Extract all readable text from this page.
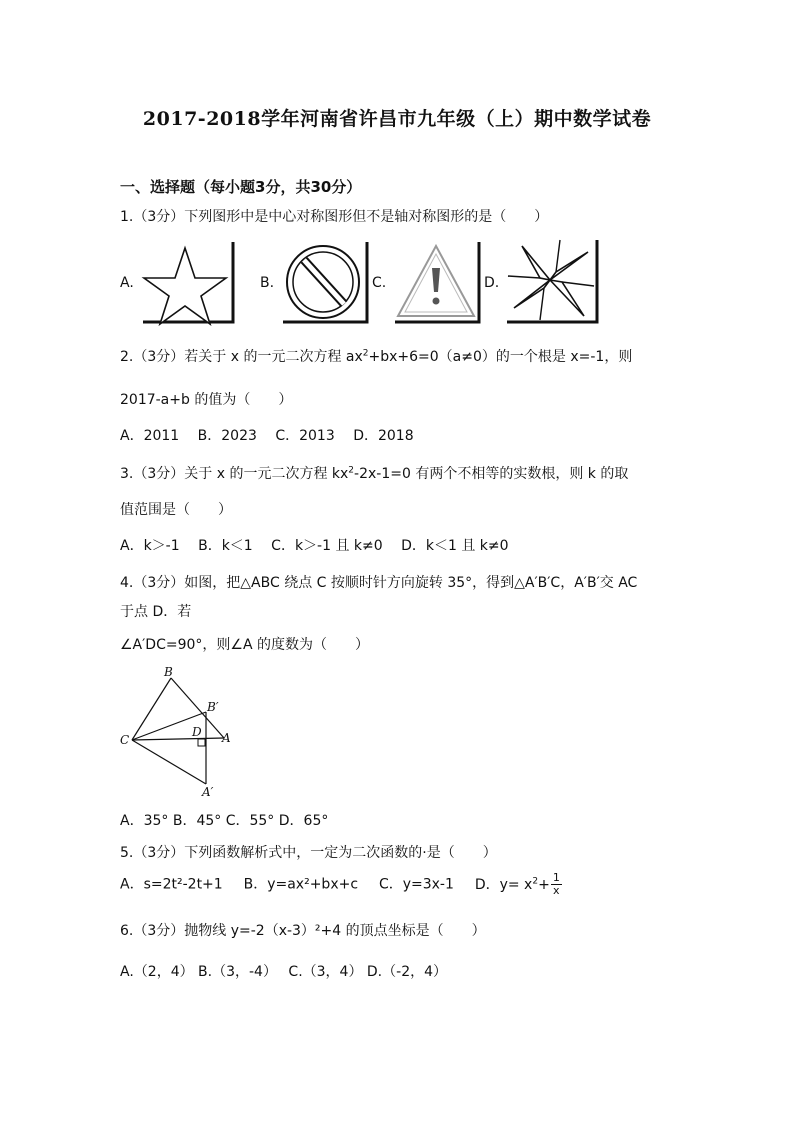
2017-2018学年河南省许昌市九年级（上）期中数学试卷
一、选择题（每小题3分，共30分）
1.（3分）下列图形中是中心对称图形但不是轴对称图形的是（　　）
A.	B.	C.	D.
2.（3分）若关于 x 的一元二次方程 $ax^2+bx+6=0(a\ne 0)$的一个根是 x=-1，则
2017-a+b 的值为（　　）
A．2011　 B．2023　 C．2013　 D．2018
3.（3分）关于 x 的一元二次方程 $kx^2-2x-1=0$ 有两个不相等的实数根，则 k 的取
值范围是（　　）
A．k＞-1　 B．k＜1　 C．k＞-1 且 k≠0　 D．k＜1 且 k≠0
4.（3分）如图，把△ABC 绕点 C 按顺时针方向旋转 35°，得到△A′B′C，A′B′交 AC
于点 D．若
∠A′DC=90°，则∠A 的度数为（　　）
B
B′
C
D A
A′
A．35° B．45° C．55° D．65°
5.（3分）下列函数解析式中，一定为二次函数的·是（　　）
A．s=2t²-2t+1 B．y=ax²+bx+c C．y=3x-1 D．$y= x^2+ \frac{1}{x}$
6.（3分）抛物线 y=-2（x-3）²+4 的顶点坐标是（　　）
A.（2，4） B.（3，-4）　 C.（3，4） D.（-2，4）
